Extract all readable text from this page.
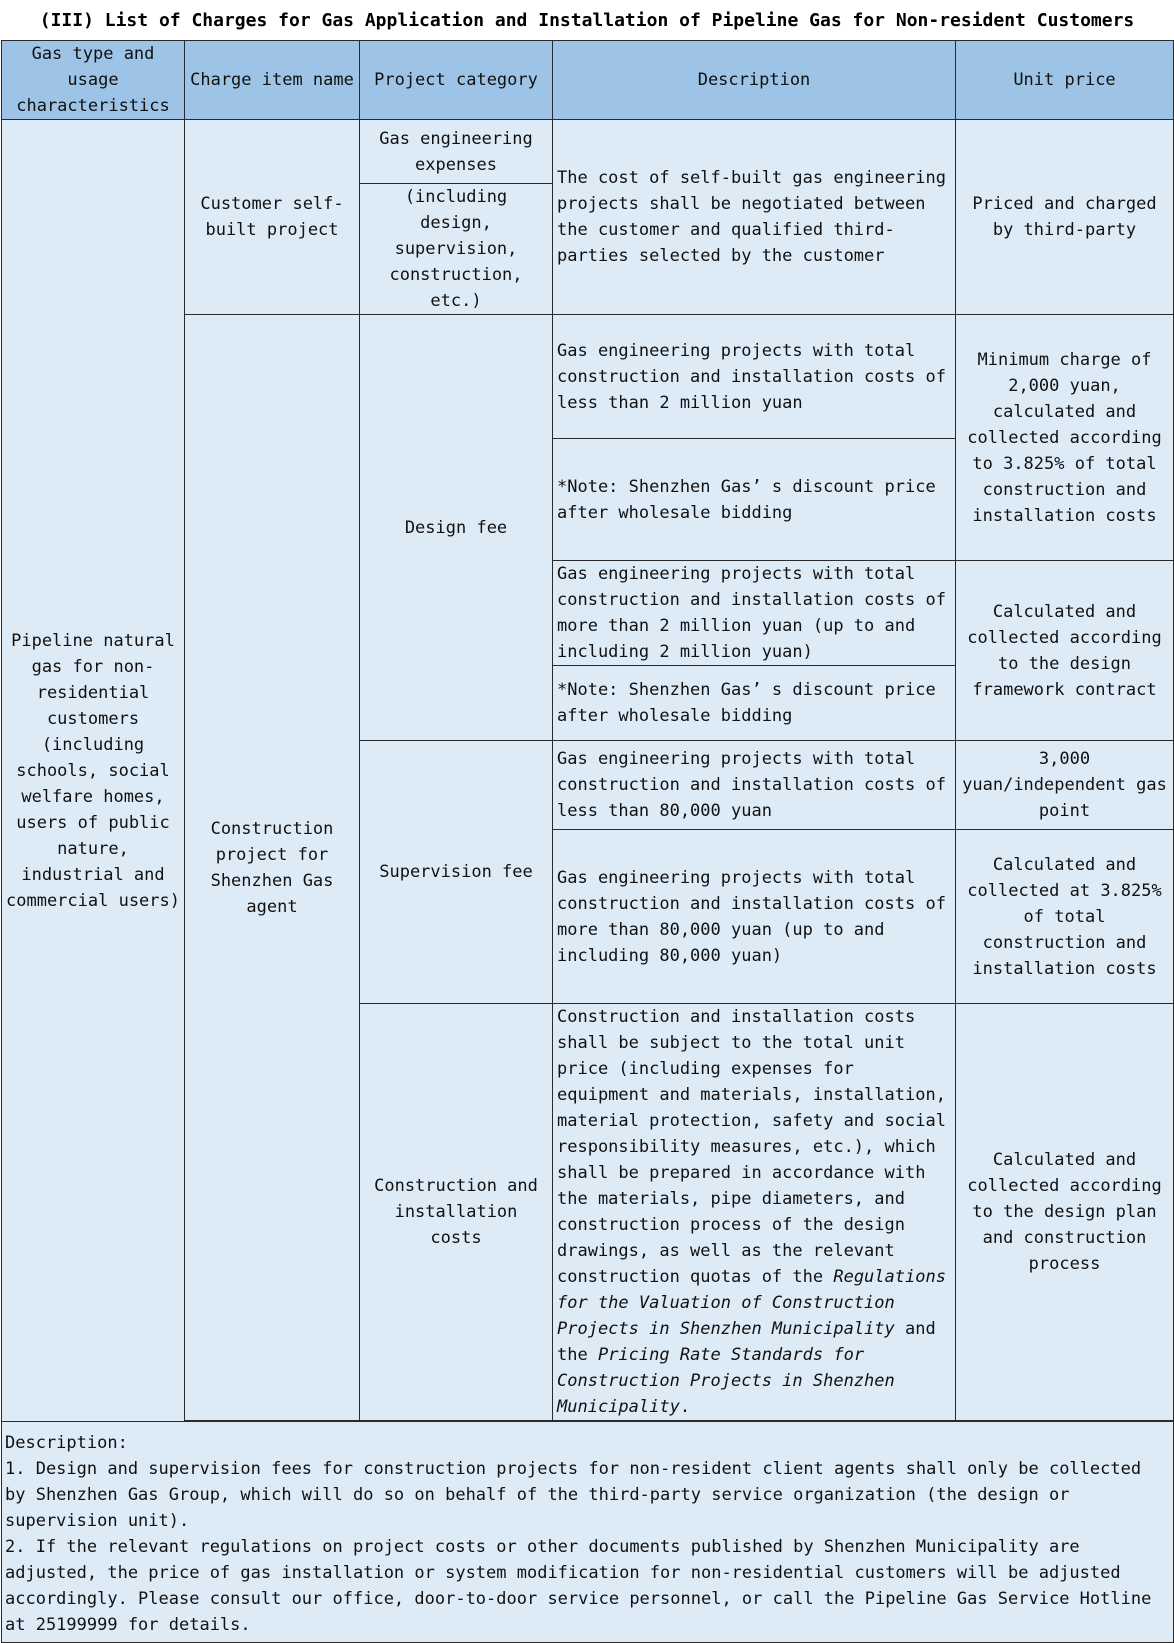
(III) List of Charges for Gas Application and Installation of Pipeline Gas for Non-resident Customers
Gas type and usage characteristics	Charge item name	Project category	Description	Unit price
Pipeline natural gas for non-residential customers (including schools, social welfare homes, users of public nature, industrial and commercial users)	Customer self-built project	Gas engineering expenses	The cost of self-built gas engineering projects shall be negotiated between the customer and qualified third-parties selected by the customer	Priced and charged by third-party
		(including design, supervision, construction, etc.)		
	Construction project for Shenzhen Gas agent	Design fee	Gas engineering projects with total construction and installation costs of less than 2 million yuan	Minimum charge of 2,000 yuan, calculated and collected according to 3.825% of total construction and installation costs
			*Note: Shenzhen Gas’ s discount price after wholesale bidding	
			Gas engineering projects with total construction and installation costs of more than 2 million yuan (up to and including 2 million yuan)	Calculated and collected according to the design framework contract
			*Note: Shenzhen Gas’ s discount price after wholesale bidding	
		Supervision fee	Gas engineering projects with total construction and installation costs of less than 80,000 yuan	3,000 yuan/independent gas point
			Gas engineering projects with total construction and installation costs of more than 80,000 yuan (up to and including 80,000 yuan)	Calculated and collected at 3.825% of total construction and installation costs
		Construction and installation costs	Construction and installation costs shall be subject to the total unit price (including expenses for equipment and materials, installation, material protection, safety and social responsibility measures, etc.), which shall be prepared in accordance with the materials, pipe diameters, and construction process of the design drawings, as well as the relevant construction quotas of the Regulations for the Valuation of Construction Projects in Shenzhen Municipality and the Pricing Rate Standards for Construction Projects in Shenzhen Municipality.	Calculated and collected according to the design plan and construction process

Description:

1. Design and supervision fees for construction projects for non-resident client agents shall only be collected by Shenzhen Gas Group, which will do so on behalf of the third-party service organization (the design or supervision unit).

2. If the relevant regulations on project costs or other documents published by Shenzhen Municipality are adjusted, the price of gas installation or system modification for non-residential customers will be adjusted accordingly. Please consult our office, door-to-door service personnel, or call the Pipeline Gas Service Hotline at 25199999 for details.				
